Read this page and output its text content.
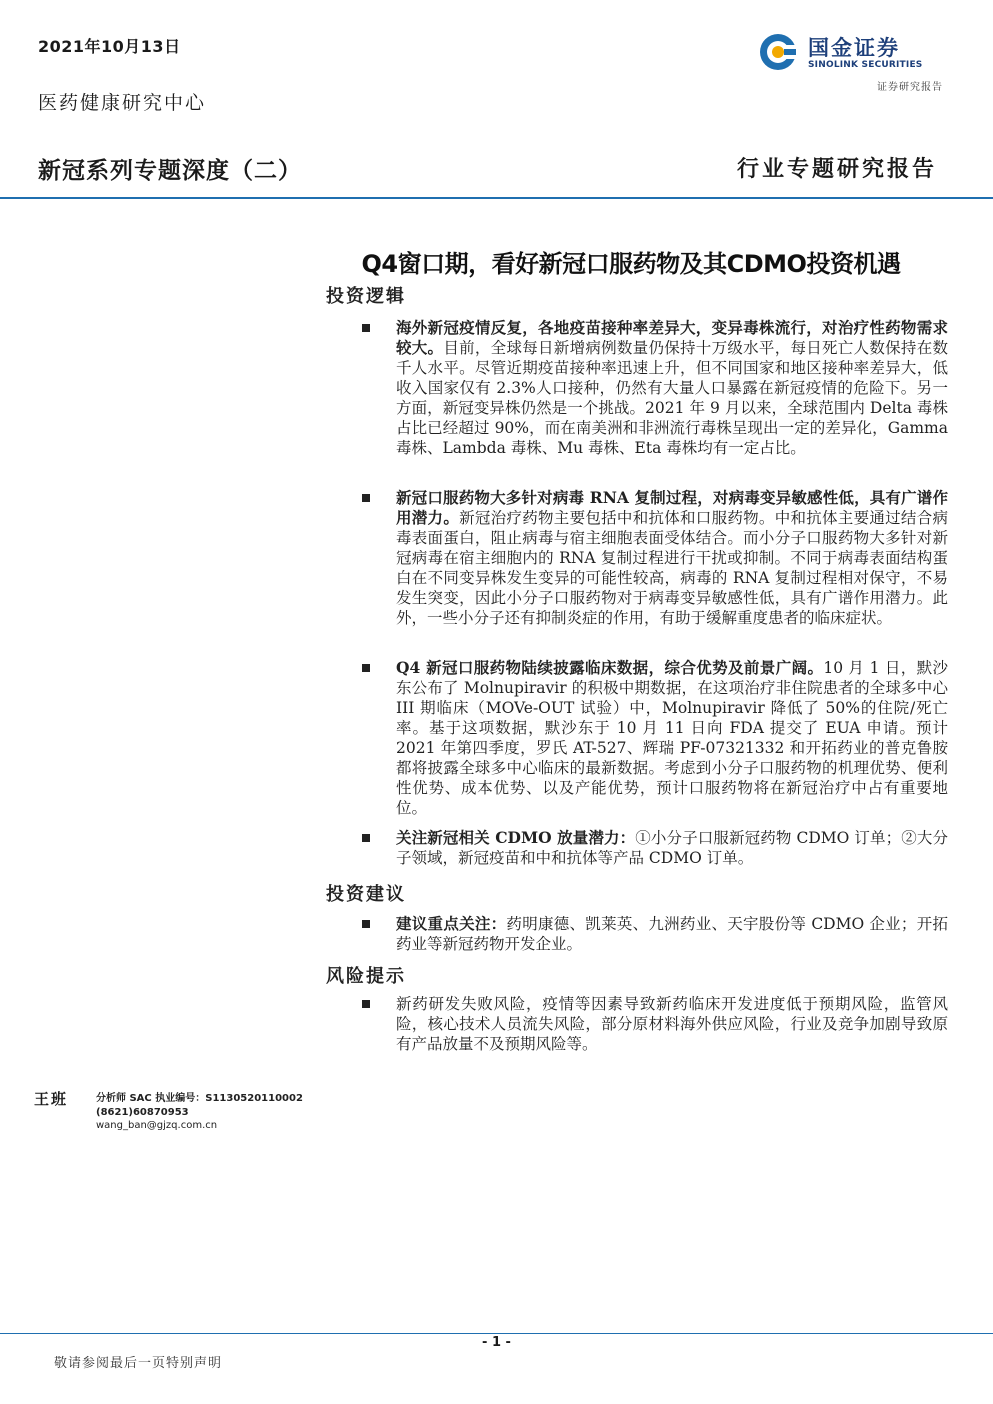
2021年10月13日
医药健康研究中心
国金证券
SINOLINK SECURITIES
证券研究报告
新冠系列专题深度（二）	行业专题研究报告
Q4窗口期，看好新冠口服药物及其CDMO投资机遇
投资逻辑
海外新冠疫情反复，各地疫苗接种率差异大，变异毒株流行，对治疗性药物需求较大。目前，全球每日新增病例数量仍保持十万级水平，每日死亡人数保持在数千人水平。尽管近期疫苗接种率迅速上升，但不同国家和地区接种率差异大，低收入国家仅有 2.3%人口接种，仍然有大量人口暴露在新冠疫情的危险下。另一方面，新冠变异株仍然是一个挑战。2021 年 9 月以来，全球范围内 Delta 毒株占比已经超过 90%，而在南美洲和非洲流行毒株呈现出一定的差异化，Gamma 毒株、Lambda 毒株、Mu 毒株、Eta 毒株均有一定占比。
新冠口服药物大多针对病毒 RNA 复制过程，对病毒变异敏感性低，具有广谱作用潜力。新冠治疗药物主要包括中和抗体和口服药物。中和抗体主要通过结合病毒表面蛋白，阻止病毒与宿主细胞表面受体结合。而小分子口服药物大多针对新冠病毒在宿主细胞内的 RNA 复制过程进行干扰或抑制。不同于病毒表面结构蛋白在不同变异株发生变异的可能性较高，病毒的 RNA 复制过程相对保守，不易发生突变，因此小分子口服药物对于病毒变异敏感性低，具有广谱作用潜力。此外，一些小分子还有抑制炎症的作用，有助于缓解重度患者的临床症状。
Q4 新冠口服药物陆续披露临床数据，综合优势及前景广阔。10 月 1 日，默沙东公布了 Molnupiravir 的积极中期数据，在这项治疗非住院患者的全球多中心 III 期临床（MOVe-OUT 试验）中，Molnupiravir 降低了 50%的住院/死亡率。基于这项数据，默沙东于 10 月 11 日向 FDA 提交了 EUA 申请。预计 2021 年第四季度，罗氏 AT-527、辉瑞 PF-07321332 和开拓药业的普克鲁胺都将披露全球多中心临床的最新数据。考虑到小分子口服药物的机理优势、便利性优势、成本优势、以及产能优势，预计口服药物将在新冠治疗中占有重要地位。
关注新冠相关 CDMO 放量潜力：①小分子口服新冠药物 CDMO 订单；②大分子领域，新冠疫苗和中和抗体等产品 CDMO 订单。
投资建议
建议重点关注：药明康德、凯莱英、九洲药业、天宇股份等 CDMO 企业；开拓药业等新冠药物开发企业。
风险提示
新药研发失败风险，疫情等因素导致新药临床开发进度低于预期风险，监管风险，核心技术人员流失风险，部分原材料海外供应风险，行业及竞争加剧导致原有产品放量不及预期风险等。
王班	分析师 SAC 执业编号：S1130520110002
(8621)60870953
wang_ban@gjzq.com.cn
- 1 -
敬请参阅最后一页特别声明
